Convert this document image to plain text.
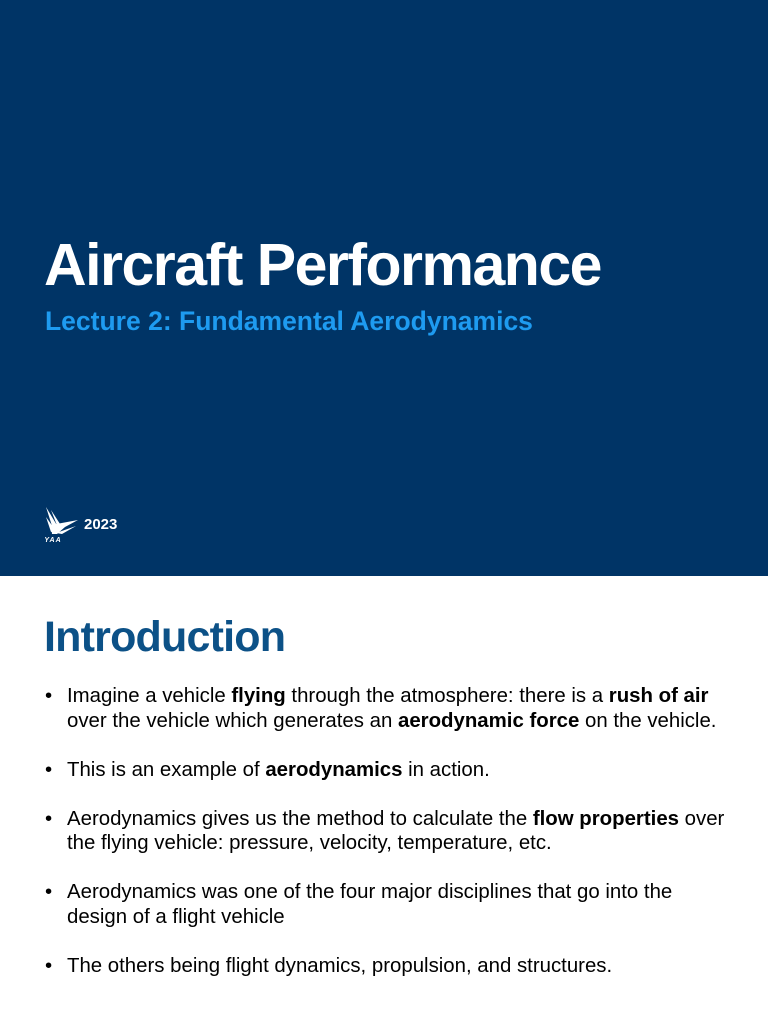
Aircraft Performance
Lecture 2: Fundamental Aerodynamics
YAA
2023
Introduction
• Imagine a vehicle flying through the atmosphere: there is a rush of air over the vehicle which generates an aerodynamic force on the vehicle.
• This is an example of aerodynamics in action.
• Aerodynamics gives us the method to calculate the flow properties over the flying vehicle: pressure, velocity, temperature, etc.
• Aerodynamics was one of the four major disciplines that go into the design of a flight vehicle
• The others being flight dynamics, propulsion, and structures.
